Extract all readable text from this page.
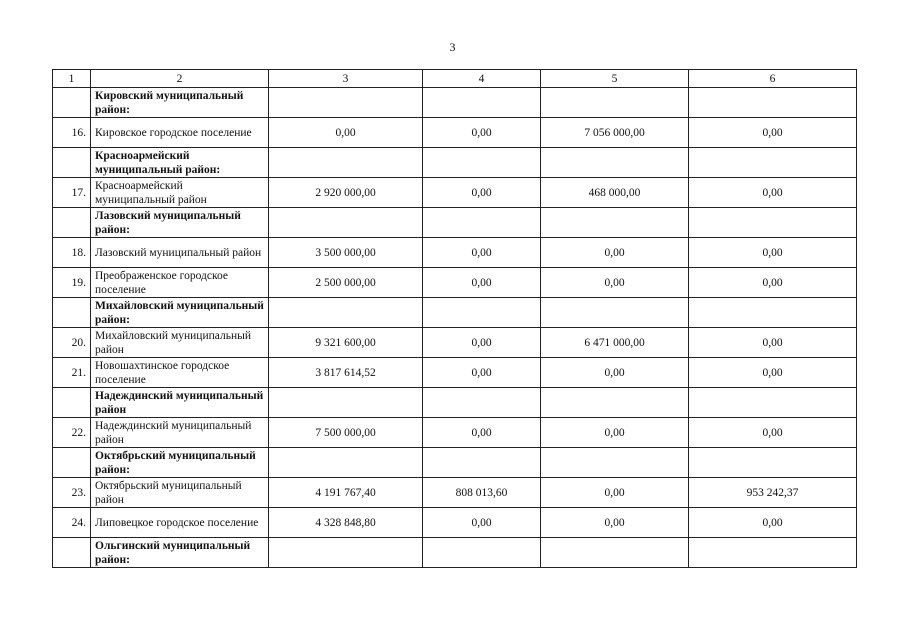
3
1	2	3	4	5	6
	Кировский муниципальный район:				
16.	Кировское городское поселение	0,00	0,00	7 056 000,00	0,00
	Красноармейский муниципальный район:				
17.	Красноармейский муниципальный район	2 920 000,00	0,00	468 000,00	0,00
	Лазовский муниципальный район:				
18.	Лазовский муниципальный район	3 500 000,00	0,00	0,00	0,00
19.	Преображенское городское поселение	2 500 000,00	0,00	0,00	0,00
	Михайловский муниципальный район:				
20.	Михайловский муниципальный район	9 321 600,00	0,00	6 471 000,00	0,00
21.	Новошахтинское городское поселение	3 817 614,52	0,00	0,00	0,00
	Надеждинский муниципальный район				
22.	Надеждинский муниципальный район	7 500 000,00	0,00	0,00	0,00
	Октябрьский муниципальный район:				
23.	Октябрьский муниципальный район	4 191 767,40	808 013,60	0,00	953 242,37
24.	Липовецкое городское поселение	4 328 848,80	0,00	0,00	0,00
	Ольгинский муниципальный район:				
